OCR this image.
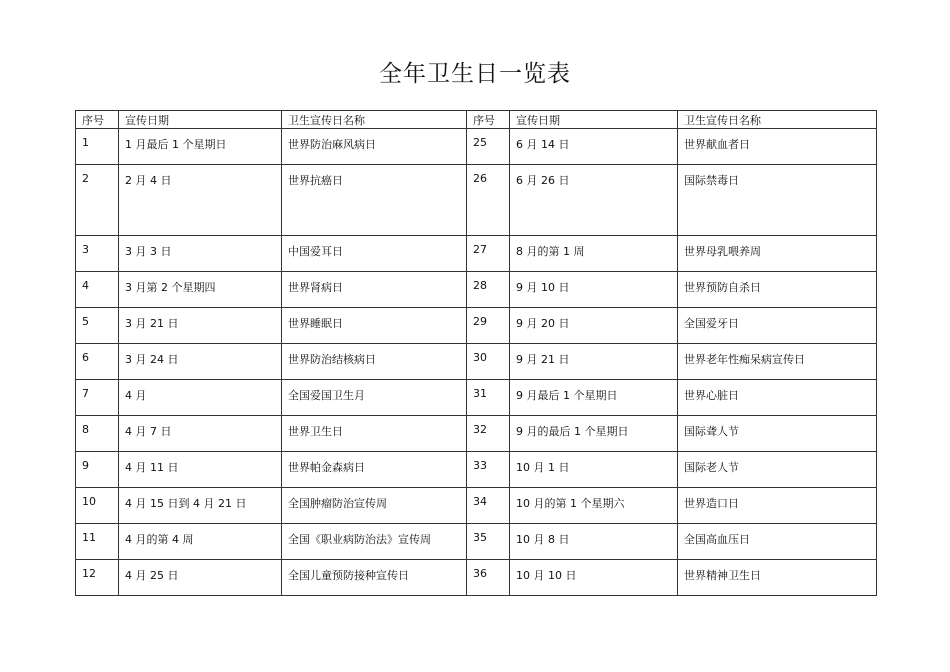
全年卫生日一览表
序号	宣传日期	卫生宣传日名称	序号	宣传日期	卫生宣传日名称
1	1 月最后 1 个星期日	世界防治麻风病日	25	6 月 14 日	世界献血者日
2	2 月 4 日	世界抗癌日	26	6 月 26 日	国际禁毒日
3	3 月 3 日	中国爱耳日	27	8 月的第 1 周	世界母乳喂养周
4	3 月第 2 个星期四	世界肾病日	28	9 月 10 日	世界预防自杀日
5	3 月 21 日	世界睡眠日	29	9 月 20 日	全国爱牙日
6	3 月 24 日	世界防治结核病日	30	9 月 21 日	世界老年性痴呆病宣传日
7	4 月	全国爱国卫生月	31	9 月最后 1 个星期日	世界心脏日
8	4 月 7 日	世界卫生日	32	9 月的最后 1 个星期日	国际聋人节
9	4 月 11 日	世界帕金森病日	33	10 月 1 日	国际老人节
10	4 月 15 日到 4 月 21 日	全国肿瘤防治宣传周	34	10 月的第 1 个星期六	世界造口日
11	4 月的第 4 周	全国《职业病防治法》宣传周	35	10 月 8 日	全国高血压日
12	4 月 25 日	全国儿童预防接种宣传日	36	10 月 10 日	世界精神卫生日
